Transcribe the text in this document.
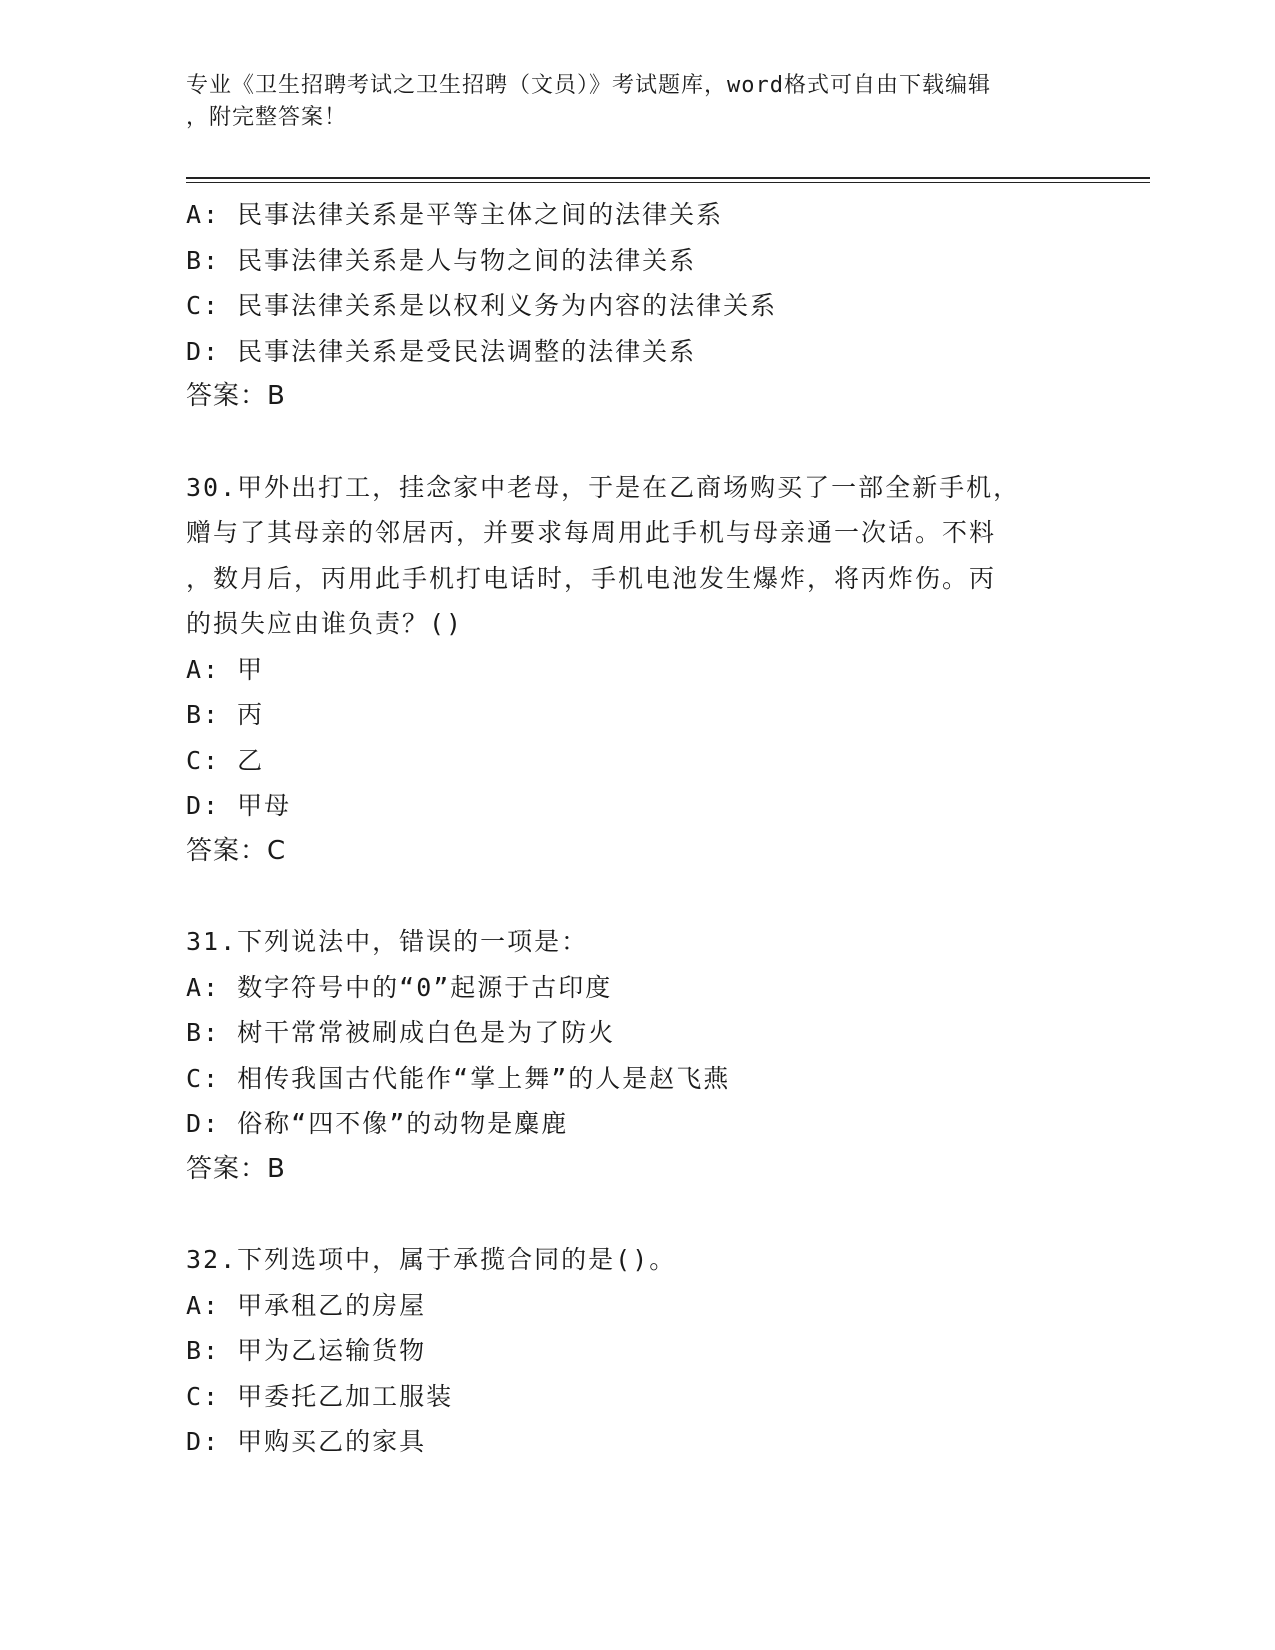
专业《卫生招聘考试之卫生招聘（文员）》考试题库，word格式可自由下载编辑
，附完整答案！
A: 民事法律关系是平等主体之间的法律关系
B: 民事法律关系是人与物之间的法律关系
C: 民事法律关系是以权利义务为内容的法律关系
D: 民事法律关系是受民法调整的法律关系
答案：B
30.甲外出打工，挂念家中老母，于是在乙商场购买了一部全新手机，
赠与了其母亲的邻居丙，并要求每周用此手机与母亲通一次话。不料
，数月后，丙用此手机打电话时，手机电池发生爆炸，将丙炸伤。丙
的损失应由谁负责？()
A: 甲
B: 丙
C: 乙
D: 甲母
答案：C
31.下列说法中，错误的一项是：
A: 数字符号中的“0”起源于古印度
B: 树干常常被刷成白色是为了防火
C: 相传我国古代能作“掌上舞”的人是赵飞燕
D: 俗称“四不像”的动物是麋鹿
答案：B
32.下列选项中，属于承揽合同的是()。
A: 甲承租乙的房屋
B: 甲为乙运输货物
C: 甲委托乙加工服装
D: 甲购买乙的家具
